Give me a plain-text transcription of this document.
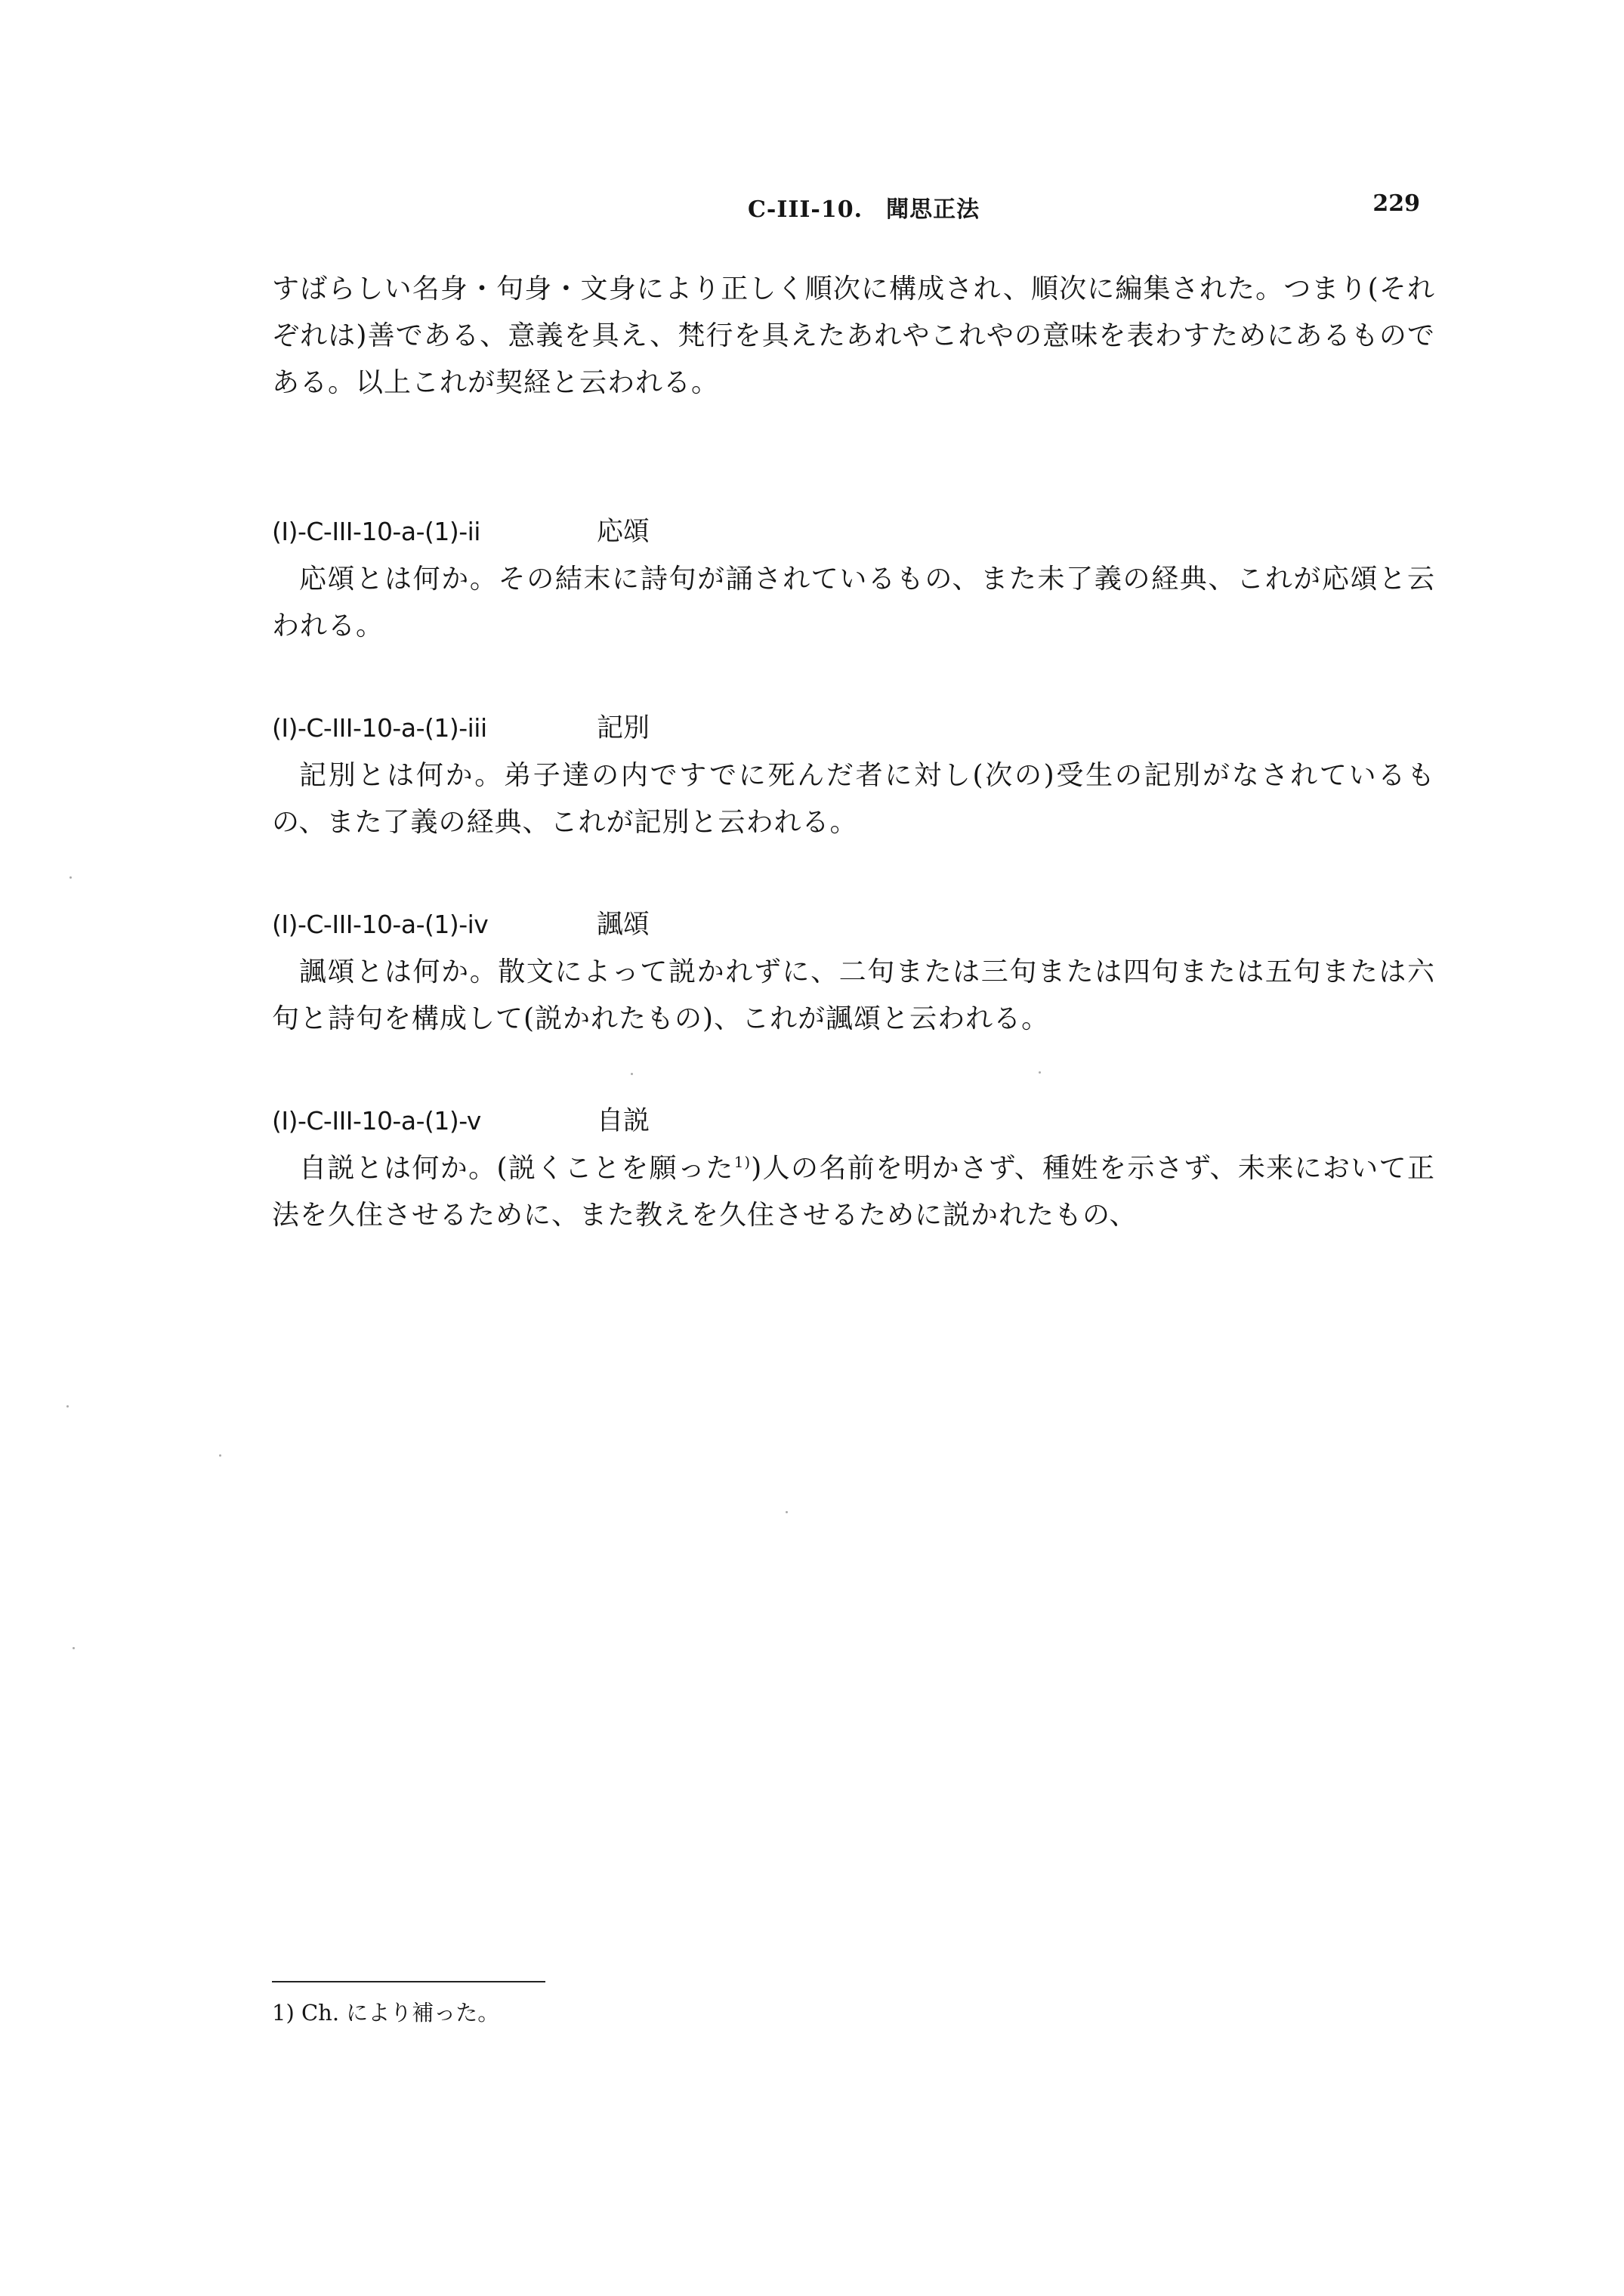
C-III-10.　聞思正法	229

すばらしい名身・句身・文身により正しく順次に構成され、順次に編集された。つまり(それぞれは)善である、意義を具え、梵行を具えたあれやこれやの意味を表わすためにあるものである。以上これが契経と云われる。

(I)-C-III-10-a-(1)-ii	応頌

応頌とは何か。その結末に詩句が誦されているもの、また未了義の経典、これが応頌と云われる。

(I)-C-III-10-a-(1)-iii	記別

記別とは何か。弟子達の内ですでに死んだ者に対し(次の)受生の記別がなされているもの、また了義の経典、これが記別と云われる。

(I)-C-III-10-a-(1)-iv	諷頌

諷頌とは何か。散文によって説かれずに、二句または三句または四句または五句または六句と詩句を構成して(説かれたもの)、これが諷頌と云われる。

(I)-C-III-10-a-(1)-v	自説

自説とは何か。(説くことを願った$^{1)}$)人の名前を明かさず、種姓を示さず、未来において正法を久住させるために、また教えを久住させるために説かれたもの、

1) Ch. により補った。
